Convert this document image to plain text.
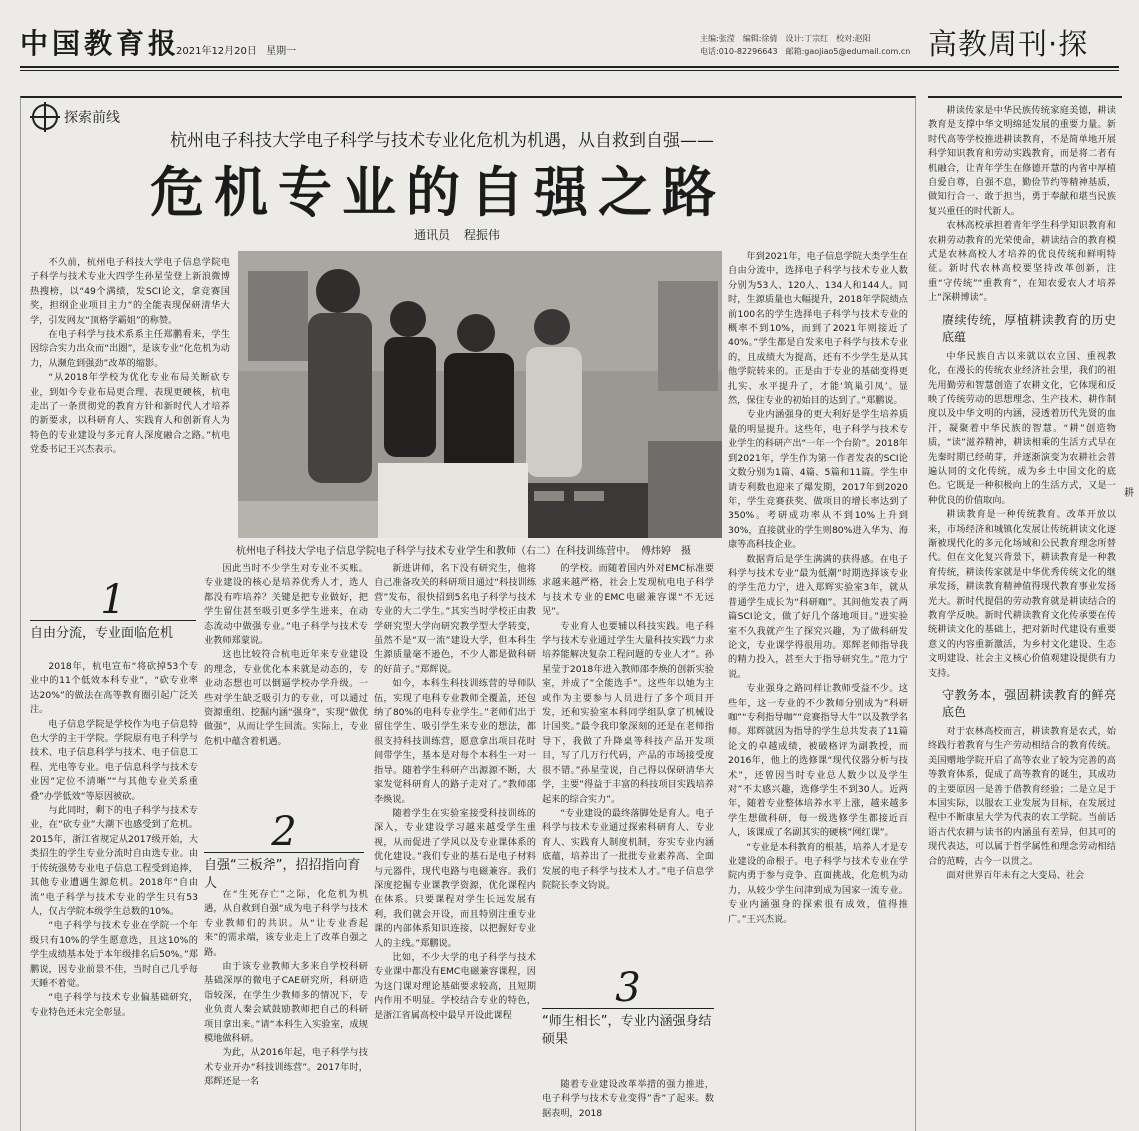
中国教育报
2021年12月20日 星期一
主编:张滢　编辑:徐倩　设计:丁宗红　校对:赵阳
电话:010-82296643　邮箱:gaojiao5@edumail.com.cn 高教周刊·探
探索前线
杭州电子科技大学电子科学与技术专业化危机为机遇，从自救到自强——
危机专业的自强之路
通讯员 程振伟
杭州电子科技大学电子信息学院电子科学与技术专业学生和教师（右二）在科技训练营中。　傅炜婷　摄

不久前，杭州电子科技大学电子信息学院电子科学与技术专业大四学生孙星莹登上新浪微博热搜榜，以“49个满绩，发SCI论文，拿竞赛国奖，担纲企业项目主力”的全能表现保研清华大学，引发网友“顶格学霸姐”的称赞。

在电子科学与技术系系主任郑鹏看来，学生因综合实力出众而“出圈”，是该专业“化危机为动力，从濒危到强劲”改革的缩影。

“从2018年学校为优化专业布局关断砍专业，到如今专业布局更合理、表现更硬核，杭电走出了一条贯彻党的教育方针和新时代人才培养的新要求，以科研育人、实践育人和创新育人为特色的专业建设与多元育人深度融合之路。”杭电党委书记王兴杰表示。

1
自由分流，专业面临危机

2018年，杭电宣布“将砍掉53个专业中的11个低效本科专业”，“砍专业率达20%”的做法在高等教育圈引起广泛关注。

电子信息学院是学校作为电子信息特色大学的主干学院。学院原有电子科学与技术、电子信息科学与技术、电子信息工程、光电等专业。电子信息科学与技术专业因“定位不清晰”“与其他专业关系重叠”办学低效“等原因被砍。

与此同时，剩下的电子科学与技术专业，在“砍专业”大潮下也感受到了危机。2015年，浙江省规定从2017级开始，大类招生的学生专业分流时自由选专业。由于传统强势专业电子信息工程受到追捧，其他专业遭遇生源危机。2018年“自由流”电子科学与技术专业的学生只有53人，仅占学院本级学生总数的10%。

“电子科学与技术专业在学院一个年级只有10%的学生愿意选，且这10%的学生成绩基本处于本年级排名后50%。”郑鹏说，因专业前景不佳，当时自己几乎每天睡不着觉。

“电子科学与技术专业偏基础研究，专业特色还未完全彰显。

因此当时不少学生对专业不买账。专业建设的核心是培养优秀人才，选人都没有咋培养？关键是把专业做好，把学生留住甚至吸引更多学生进来，在动态流动中做强专业。”电子科学与技术专业教师郑蒙说。

这也比较符合杭电近年来专业建设的理念，专业优化本来就是动态的，专业动态想也可以倒逼学校办学升级。一些对学生缺乏吸引力的专业，可以通过资源重组、挖掘内涵“强身”，实现“做优做强”，从而让学生回流。实际上，专业危机中蕴含着机遇。

2
自强“三板斧”，招招指向育人

在“生死存亡”之际，化危机为机遇，从自救到自强“成为电子科学与技术专业教师们的共识。从“让专业香起来”的需求端，该专业走上了改革自强之路。

由于该专业教师大多来自学校科研基础深厚的微电子CAE研究所，科研造诣较深，在学生少教师多的情况下，专业负责人秦会斌鼓励教师把自己的科研项目拿出来。”请“本科生入实验室，成规模地做科研。

为此，从2016年起，电子科学与技术专业开办“科技训练营”。2017年时，郑辉还是一名

新进讲师，名下没有研究生，他将自己准备攻关的科研项目通过“科技训练营”发布，很快招到5名电子科学与技术专业的大二学生。”其实当时学校正由教学研究型大学向研究教学型大学转变，虽然不是“双一流”建设大学，但本科生生源质量毫不逊色，不少人都是做科研的好苗子。”郑辉说。

如今，本科生科技训练营的导师队伍，实现了电科专业教师全覆盖，还包纳了80%的电科专业学生。”老师们出于留住学生、吸引学生来专业的想法，都很支持科技训练营，愿意拿出项目花时间带学生，基本是对每个本科生一对一指导。随着学生科研产出源源不断，大家发觉科研育人的路子走对了。”教师邵李焕说。

随着学生在实验室接受科技训练的深入，专业建设学习越来越受学生重视，从而促进了学风以及专业课体系的优化建设。”我们专业的基石是电子材料与元器件，现代电路与电磁兼容。我们深度挖掘专业课教学资源，优化课程内在体系。只要课程对学生长远发展有利，我们就会开设，而且特别注重专业课的内部体系知识连接，以把握好专业人的主线。”郑鹏说。

比如，不少大学的电子科学与技术专业课中都没有EMC电磁兼容课程，因为这门课对理论基础要求较高，且短期内作用不明显。学校结合专业的特色，是浙江省属高校中最早开设此课程

的学校。而随着国内外对EMC标准要求越来越严格，社会上发现杭电电子科学与技术专业的EMC电磁兼容课“不无远见”。

专业育人也要辅以科技实践。电子科学与技术专业通过学生大量科技实践”力求培养能解决复杂工程问题的专业人才”。孙星莹于2018年进入教师邵李焕的创新实验室，并成了”全能选手”。这些年以她为主或作为主要参与人员进行了多个项目开发，还和实验室本科同学组队拿了机械设计国奖。”最令我印象深刻的还是在老师指导下，我做了升降桌等科技产品开发项目，写了几万行代码，产品的市场接受度很不错。”孙星莹说，自己得以保研清华大学，主要”得益于丰富的科技项目实践培养起来的综合实力”。

“专业建设的最终落脚处是育人。电子科学与技术专业通过探索科研育人、专业育人、实践育人制度机制，夯实专业内涵底蕴，培养出了一批批专业素养高、全面发展的电子科学与技术人才。”电子信息学院院长李文钧说。

3
“师生相长”，专业内涵强身结硕果

随着专业建设改革举措的强力推进，电子科学与技术专业变得”香”了起来。数据表明，2018

年到2021年，电子信息学院大类学生在自由分流中，选择电子科学与技术专业人数分别为53人、120人、134人和144人。同时，生源质量也大幅提升，2018年学院绩点前100名的学生选择电子科学与技术专业的概率不到10%，而到了2021年则接近了40%。”学生都是自发来电子科学与技术专业的，且成绩大为提高，还有不少学生是从其他学院转来的。正是由于专业的基础变得更扎实、水平提升了，才能‘筑巢引凤’。显然，保住专业的初始目的达到了。”郑鹏说。

专业内涵强身的更大利好是学生培养质量的明显提升。这些年，电子科学与技术专业学生的科研产出“一年一个台阶”。2018年到2021年，学生作为第一作者发表的SCI论文数分别为1篇、4篇、5篇和11篇。学生申请专利数也迎来了爆发期，2017年到2020年，学生竞赛获奖、做项目的增长率达到了350%。考研成功率从不到10%上升到30%，直接就业的学生则80%进入华为、海康等高科技企业。

数据背后是学生满满的获得感。在电子科学与技术专业”最为低潮”时期选择该专业的学生范力宁，进入郑辉实验室3年，就从普通学生成长为“科研咖”。其间他发表了两篇SCI论文，做了好几个落地项目。”进实验室不久我就产生了探究兴趣，为了做科研发论文，专业课学得很用功。郑辉老师指导我的精力投入，甚至大于指导研究生。”范力宁说。

专业强身之路同样让教师受益不少。这些年，这一专业的不少教师分别成为”科研咖”“专利指导咖”“竞赛指导大牛”以及教学名师。郑辉就因为指导的学生总共发表了11篇论文的卓越成绩，被破格评为副教授，而2016年，他上的选修课“现代仪器分析与技术”，还曾因当时专业总人数少以及学生对”不太感兴趣，选修学生不到30人。近两年，随着专业整体培养水平上涨，越来越多学生想做科研，每一级选修学生都接近百人，该课成了名副其实的硬核”网红课”。

“专业是本科教育的根基，培养人才是专业建设的命根子。电子科学与技术专业在学院内勇于参与竞争、直面挑战，化危机为动力，从较少学生问津到成为国家一流专业。专业内涵强身的探索很有成效，值得推广。”王兴杰说。

耕读传家是中华民族传统家庭美德，耕读教育是支撑中华文明绵延发展的重要力量。新时代高等学校推进耕读教育，不是简单地开展科学知识教育和劳动实践教育，而是将二者有机融合，让青年学生在修德开慧的内省中厚植自爱自尊，自强不息，勤俭节约等精神基质，做知行合一、敢于担当，勇于奉献和堪当民族复兴重任的时代新人。

农林高校承担着青年学生科学知识教育和农耕劳动教育的光荣使命，耕读结合的教育模式是农林高校人才培养的优良传统和鲜明特征。新时代农林高校要坚持改革创新，注重“守传统”“重教育”，在知农爱农人才培养上“深耕博读”。

赓续传统，厚植耕读教育的历史底蕴

中华民族自古以来就以农立国、重视教化，在漫长的传统农业经济社会里，我们的祖先用勤劳和智慧创造了农耕文化，它体现和反映了传统劳动的思想理念、生产技术、耕作制度以及中华文明的内涵，浸透着历代先贤的血汗，凝聚着中华民族的智慧。“耕”创造物质，“读”滋养精神，耕读相乘的生活方式早在先秦时期已经萌芽，并逐渐演变为农耕社会普遍认同的文化传统，成为乡土中国文化的底色。它既是一种积极向上的生活方式，又是一种优良的价值取向。

耕读教育是一种传统教育。改革开放以来，市场经济和城镇化发展让传统耕读文化逐渐被现代化的多元化场域和公民教育理念所替代。但在文化复兴背景下，耕读教育是一种教育传统，耕读传家就是中华优秀传统文化的继承发扬，耕读教育精神值得现代教育事业发扬光大。新时代提倡的劳动教育就是耕读结合的教育学反映。新时代耕读教育文化传承要在传统耕读文化的基础上，把对新时代建设有重要意义的内容重新激活，为乡村文化建设、生态文明建设、社会主义核心价值观建设提供有力支持。

守教务本，强固耕读教育的鲜亮底色

对于农林高校而言，耕读教育是农式，始终践行着教育与生产劳动相结合的教育传统。美国赠地学院开启了高等农业了较为完善的高等教育体系，促成了高等教育的诞生，其成功的主要原因一是善于借教育经验；二是立足于本国实际，以服农工业发展为目标，在发展过程中不断康星大学为代表的农工学院。当前话语古代农耕与读书的内涵虽有差异，但其可的现代表达，可以属于哲学属性和理念劳动相结合的范畴，古今一以贯之。

面对世界百年未有之大变局、社会

耕
